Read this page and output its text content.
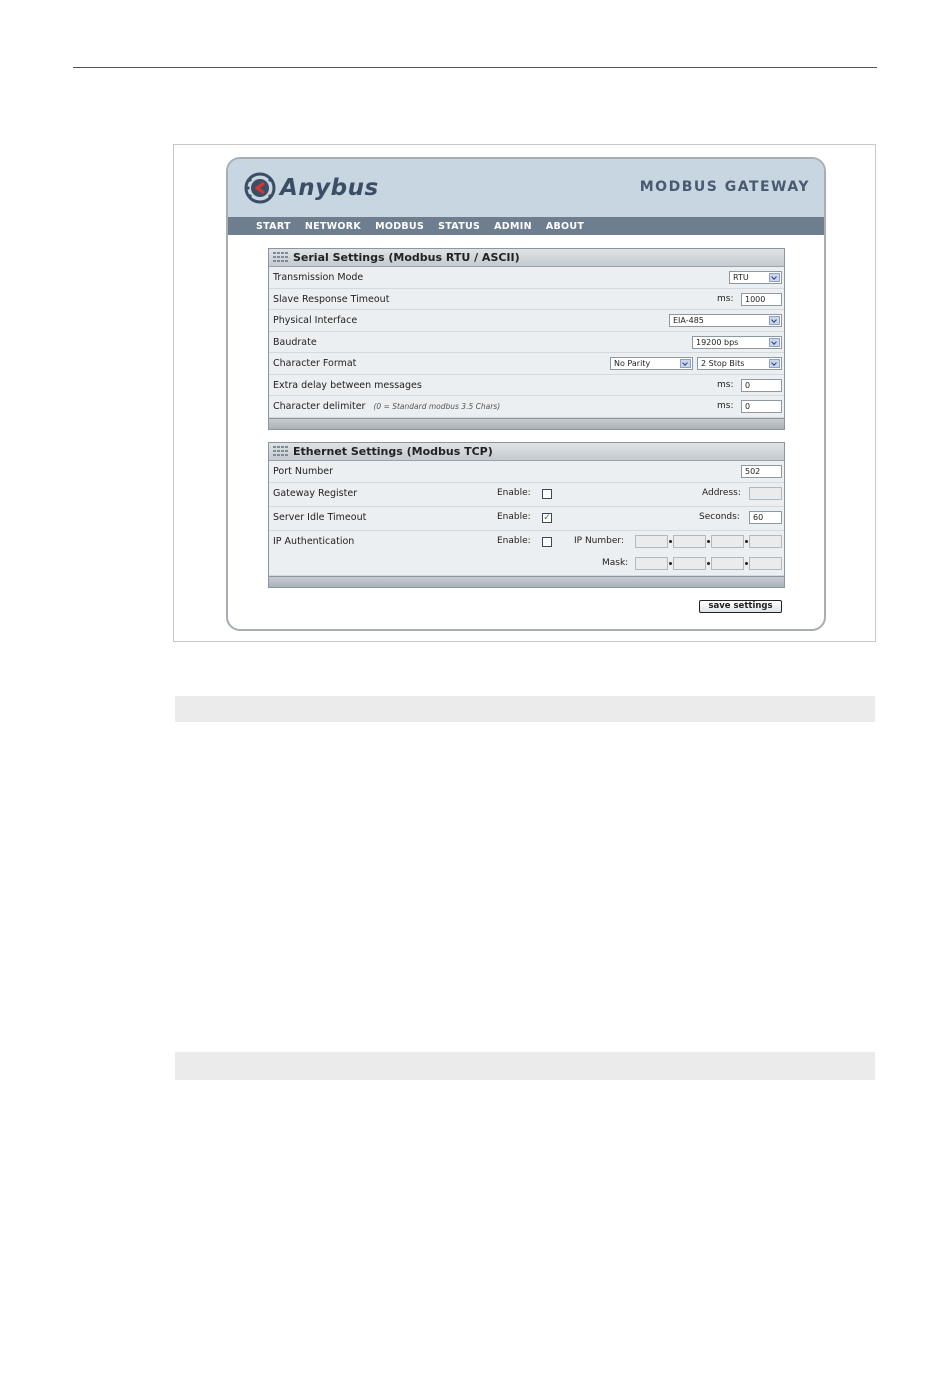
Anybus	MODBUS GATEWAY
START NETWORK MODBUS STATUS ADMIN ABOUT
Serial Settings (Modbus RTU / ASCII)
Transmission Mode	RTU
Slave Response Timeout	ms:	1000
Physical Interface	EIA-485
Baudrate	19200 bps
Character Format	No Parity	2 Stop Bits
Extra delay between messages	ms:	0
Character delimiter (0 = Standard modbus 3.5 Chars)	ms:	0
Ethernet Settings (Modbus TCP)
Port Number	502
Gateway Register	Enable:	Address:
Server Idle Timeout	Enable: ✓	Seconds:	60
IP Authentication	Enable:	IP Number:
Mask:
save settings
